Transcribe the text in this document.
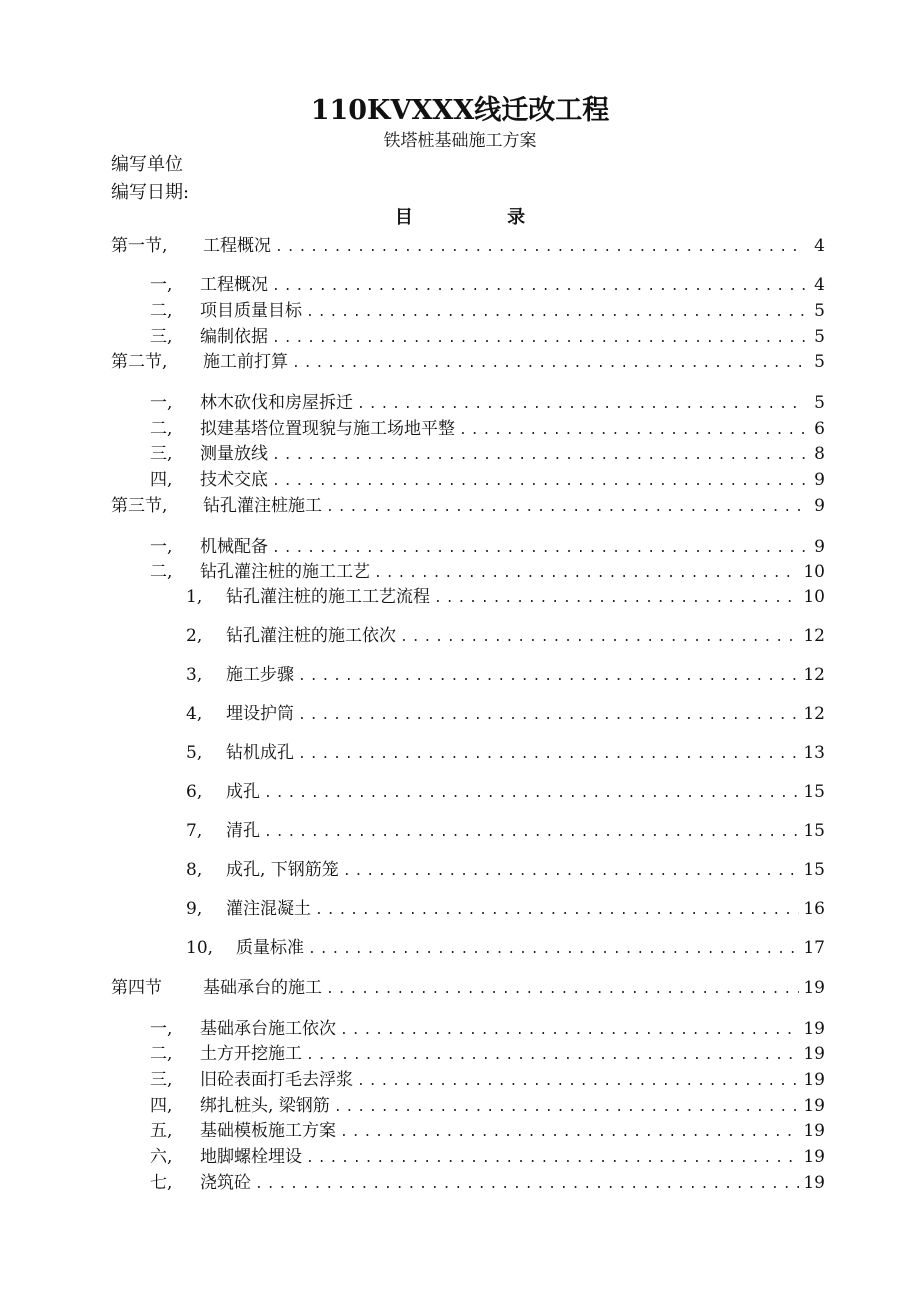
110KVXXX线迁改工程
铁塔桩基础施工方案
编写单位
编写日期:
目 录
第一节,	工程概况 .....	4
一,	工程概况 .....	4
二,	项目质量目标 .....	5
三,	编制依据 .....	5
第二节,	施工前打算 .....	5
一,	林木砍伐和房屋拆迁 .....	5
二,	拟建基塔位置现貌与施工场地平整 .....	6
三,	测量放线 .....	8
四,	技术交底 .....	9
第三节,	钻孔灌注桩施工 .....	9
一,	机械配备 .....	9
二,	钻孔灌注桩的施工工艺 .....	10
1,	钻孔灌注桩的施工工艺流程 .....	10
2,	钻孔灌注桩的施工依次 .....	12
3,	施工步骤 .....	12
4,	埋设护筒 .....	12
5,	钻机成孔 .....	13
6,	成孔 .....	15
7,	清孔 .....	15
8,	成孔, 下钢筋笼 .....	15
9,	灌注混凝土 .....	16
10,	质量标准 .....	17
第四节	基础承台的施工 .....	19
一,	基础承台施工依次 .....	19
二,	土方开挖施工 .....	19
三,	旧砼表面打毛去浮浆 .....	19
四,	绑扎桩头, 梁钢筋 .....	19
五,	基础模板施工方案 .....	19
六,	地脚螺栓埋设 .....	19
七,	浇筑砼 .....	19
